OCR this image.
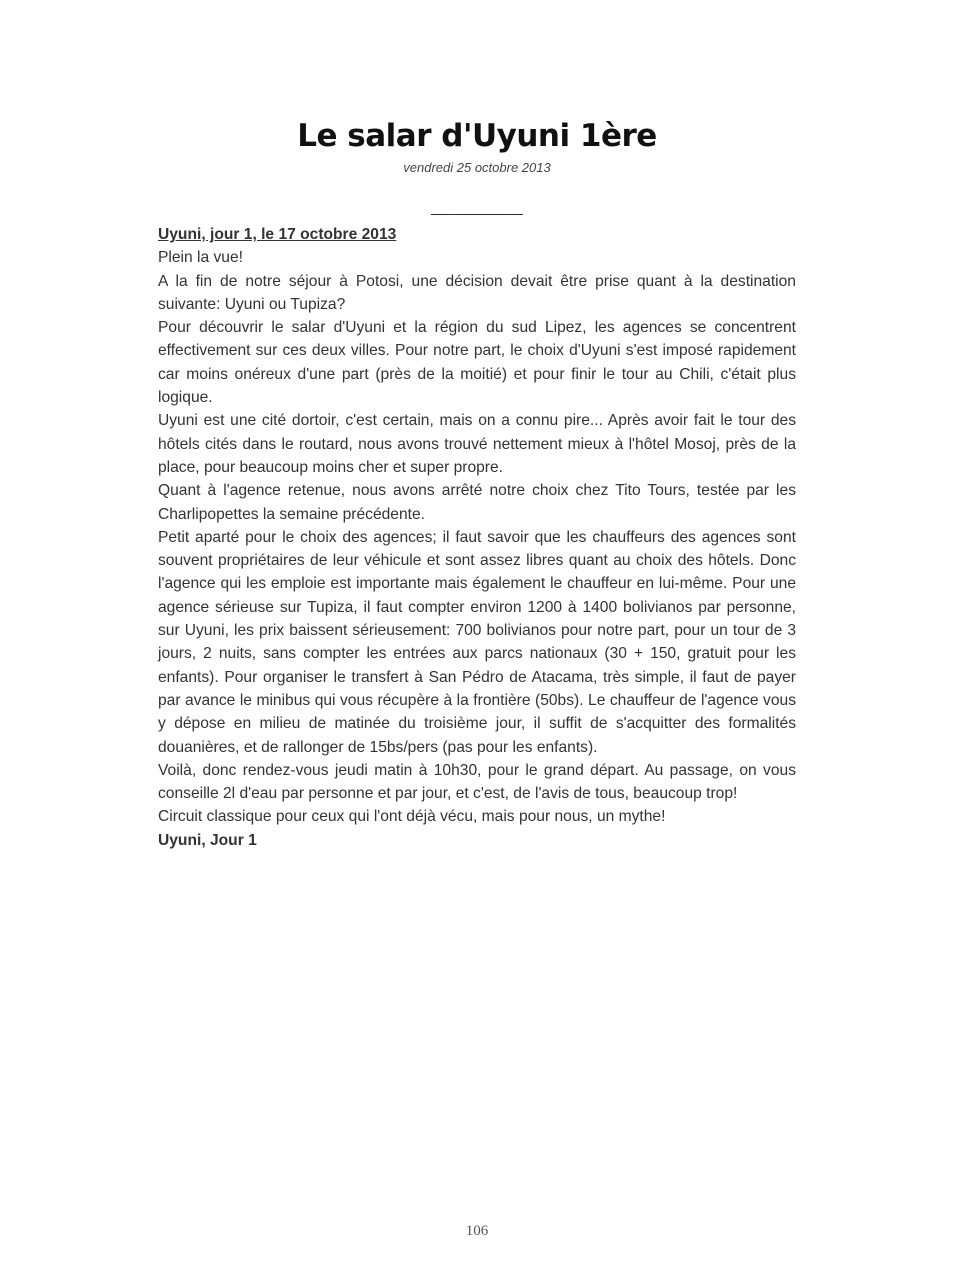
Le salar d'Uyuni 1ère
vendredi 25 octobre 2013
___________

Uyuni, jour 1, le 17 octobre 2013

Plein la vue!

A la fin de notre séjour à Potosi, une décision devait être prise quant à la destination suivante: Uyuni ou Tupiza?

Pour découvrir le salar d'Uyuni et la région du sud Lipez, les agences se concentrent effectivement sur ces deux villes. Pour notre part, le choix d'Uyuni s'est imposé rapidement car moins onéreux d'une part (près de la moitié) et pour finir le tour au Chili, c'était plus logique.

Uyuni est une cité dortoir, c'est certain, mais on a connu pire... Après avoir fait le tour des hôtels cités dans le routard, nous avons trouvé nettement mieux à l'hôtel Mosoj, près de la place, pour beaucoup moins cher et super propre.

Quant à l'agence retenue, nous avons arrêté notre choix chez Tito Tours, testée par les Charlipopettes la semaine précédente.

Petit aparté pour le choix des agences; il faut savoir que les chauffeurs des agences sont souvent propriétaires de leur véhicule et sont assez libres quant au choix des hôtels. Donc l'agence qui les emploie est importante mais également le chauffeur en lui-même. Pour une agence sérieuse sur Tupiza, il faut compter environ 1200 à 1400 bolivianos par personne, sur Uyuni, les prix baissent sérieusement: 700 bolivianos pour notre part, pour un tour de 3 jours, 2 nuits, sans compter les entrées aux parcs nationaux (30 + 150, gratuit pour les enfants). Pour organiser le transfert à San Pédro de Atacama, très simple, il faut de payer par avance le minibus qui vous récupère à la frontière (50bs). Le chauffeur de l'agence vous y dépose en milieu de matinée du troisième jour, il suffit de s'acquitter des formalités douanières, et de rallonger de 15bs/pers (pas pour les enfants).

Voilà, donc rendez-vous jeudi matin à 10h30, pour le grand départ. Au passage, on vous conseille 2l d'eau par personne et par jour, et c'est, de l'avis de tous, beaucoup trop!

Circuit classique pour ceux qui l'ont déjà vécu, mais pour nous, un mythe!

Uyuni, Jour 1

106
